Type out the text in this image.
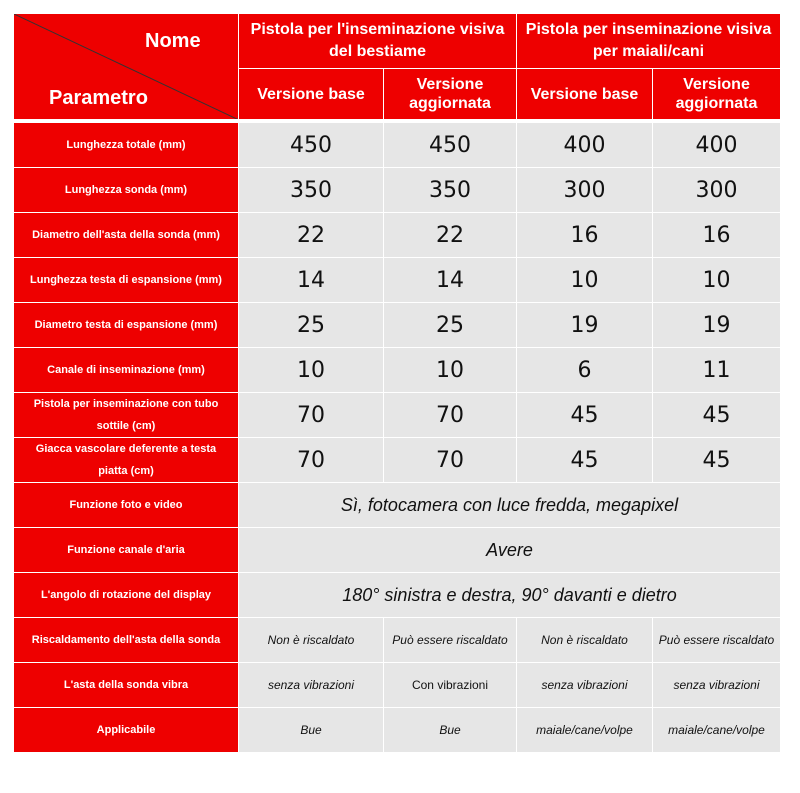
Nome
Parametro	Pistola per l'inseminazione visiva del bestiame		Pistola per inseminazione visiva per maiali/cani	
	Versione base	Versione aggiornata	Versione base	Versione aggiornata

Lunghezza totale (mm)	450	450	400	400
Lunghezza sonda (mm)	350	350	300	300
Diametro dell'asta della sonda (mm)	22	22	16	16
Lunghezza testa di espansione (mm)	14	14	10	10
Diametro testa di espansione (mm)	25	25	19	19
Canale di inseminazione (mm)	10	10	6	11
Pistola per inseminazione con tubo sottile (cm)	70	70	45	45
Giacca vascolare deferente a testa piatta (cm)	70	70	45	45
Funzione foto e video	Sì, fotocamera con luce fredda, megapixel			
Funzione canale d'aria	Avere			
L'angolo di rotazione del display	180° sinistra e destra, 90° davanti e dietro			
Riscaldamento dell'asta della sonda	Non è riscaldato	Può essere riscaldato	Non è riscaldato	Può essere riscaldato
L'asta della sonda vibra	senza vibrazioni	Con vibrazioni	senza vibrazioni	senza vibrazioni
Applicabile	Bue	Bue	maiale/cane/volpe	maiale/cane/volpe
